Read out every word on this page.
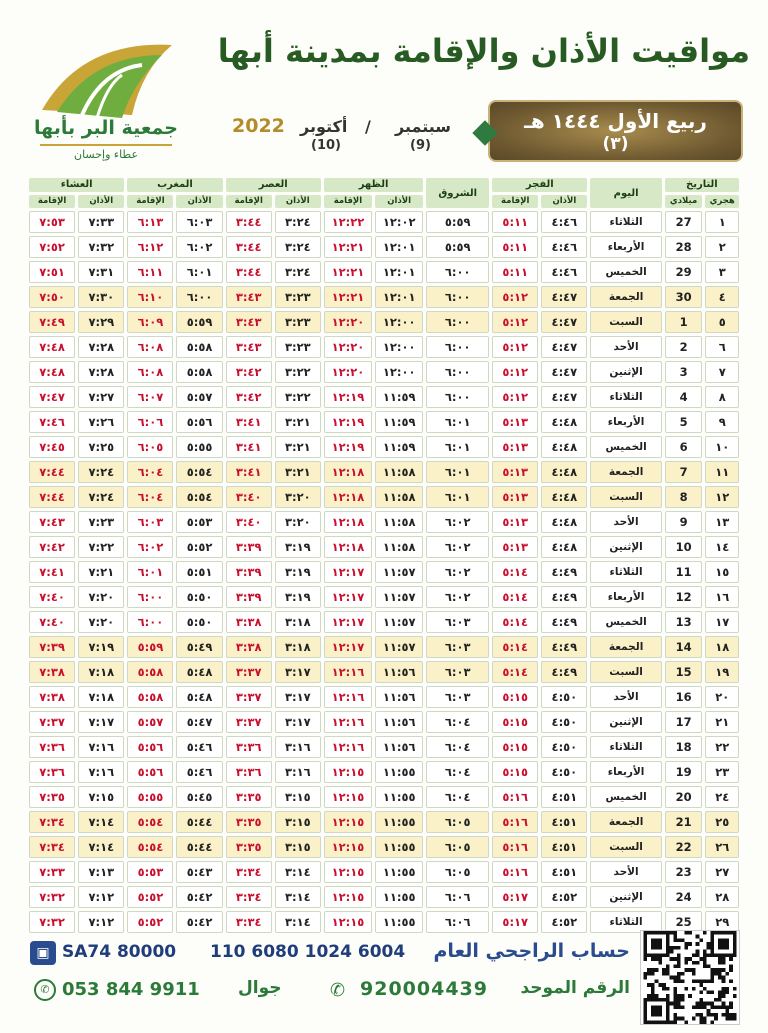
جمعية البر بأبها
عطاء وإحسان
مواقيت الأذان والإقامة بمدينة أبها
ربيع الأول ١٤٤٤ هـ
(٣)
2022 أكتوبر / سبتمبر
(10)	(9)
التاريخ		اليوم	الفجر		الشروق	الظهر		العصر		المغرب		العشاء	
هجري	ميلادي		الأذان	الإقامة		الأذان	الإقامة	الأذان	الإقامة	الأذان	الإقامة	الأذان	الإقامة
١	27	الثلاثاء	٤:٤٦	٥:١١	٥:٥٩	١٢:٠٢	١٢:٢٢	٣:٢٤	٣:٤٤	٦:٠٣	٦:١٣	٧:٣٣	٧:٥٣
٢	28	الأربعاء	٤:٤٦	٥:١١	٥:٥٩	١٢:٠١	١٢:٢١	٣:٢٤	٣:٤٤	٦:٠٢	٦:١٢	٧:٣٢	٧:٥٢
٣	29	الخميس	٤:٤٦	٥:١١	٦:٠٠	١٢:٠١	١٢:٢١	٣:٢٤	٣:٤٤	٦:٠١	٦:١١	٧:٣١	٧:٥١
٤	30	الجمعة	٤:٤٧	٥:١٢	٦:٠٠	١٢:٠١	١٢:٢١	٣:٢٣	٣:٤٣	٦:٠٠	٦:١٠	٧:٣٠	٧:٥٠
٥	1	السبت	٤:٤٧	٥:١٢	٦:٠٠	١٢:٠٠	١٢:٢٠	٣:٢٣	٣:٤٣	٥:٥٩	٦:٠٩	٧:٢٩	٧:٤٩
٦	2	الأحد	٤:٤٧	٥:١٢	٦:٠٠	١٢:٠٠	١٢:٢٠	٣:٢٣	٣:٤٣	٥:٥٨	٦:٠٨	٧:٢٨	٧:٤٨
٧	3	الإثنين	٤:٤٧	٥:١٢	٦:٠٠	١٢:٠٠	١٢:٢٠	٣:٢٢	٣:٤٢	٥:٥٨	٦:٠٨	٧:٢٨	٧:٤٨
٨	4	الثلاثاء	٤:٤٧	٥:١٢	٦:٠٠	١١:٥٩	١٢:١٩	٣:٢٢	٣:٤٢	٥:٥٧	٦:٠٧	٧:٢٧	٧:٤٧
٩	5	الأربعاء	٤:٤٨	٥:١٣	٦:٠١	١١:٥٩	١٢:١٩	٣:٢١	٣:٤١	٥:٥٦	٦:٠٦	٧:٢٦	٧:٤٦
١٠	6	الخميس	٤:٤٨	٥:١٣	٦:٠١	١١:٥٩	١٢:١٩	٣:٢١	٣:٤١	٥:٥٥	٦:٠٥	٧:٢٥	٧:٤٥
١١	7	الجمعة	٤:٤٨	٥:١٣	٦:٠١	١١:٥٨	١٢:١٨	٣:٢١	٣:٤١	٥:٥٤	٦:٠٤	٧:٢٤	٧:٤٤
١٢	8	السبت	٤:٤٨	٥:١٣	٦:٠١	١١:٥٨	١٢:١٨	٣:٢٠	٣:٤٠	٥:٥٤	٦:٠٤	٧:٢٤	٧:٤٤
١٣	9	الأحد	٤:٤٨	٥:١٣	٦:٠٢	١١:٥٨	١٢:١٨	٣:٢٠	٣:٤٠	٥:٥٣	٦:٠٣	٧:٢٣	٧:٤٣
١٤	10	الإثنين	٤:٤٨	٥:١٣	٦:٠٢	١١:٥٨	١٢:١٨	٣:١٩	٣:٣٩	٥:٥٢	٦:٠٢	٧:٢٢	٧:٤٢
١٥	11	الثلاثاء	٤:٤٩	٥:١٤	٦:٠٢	١١:٥٧	١٢:١٧	٣:١٩	٣:٣٩	٥:٥١	٦:٠١	٧:٢١	٧:٤١
١٦	12	الأربعاء	٤:٤٩	٥:١٤	٦:٠٢	١١:٥٧	١٢:١٧	٣:١٩	٣:٣٩	٥:٥٠	٦:٠٠	٧:٢٠	٧:٤٠
١٧	13	الخميس	٤:٤٩	٥:١٤	٦:٠٣	١١:٥٧	١٢:١٧	٣:١٨	٣:٣٨	٥:٥٠	٦:٠٠	٧:٢٠	٧:٤٠
١٨	14	الجمعة	٤:٤٩	٥:١٤	٦:٠٣	١١:٥٧	١٢:١٧	٣:١٨	٣:٣٨	٥:٤٩	٥:٥٩	٧:١٩	٧:٣٩
١٩	15	السبت	٤:٤٩	٥:١٤	٦:٠٣	١١:٥٦	١٢:١٦	٣:١٧	٣:٣٧	٥:٤٨	٥:٥٨	٧:١٨	٧:٣٨
٢٠	16	الأحد	٤:٥٠	٥:١٥	٦:٠٣	١١:٥٦	١٢:١٦	٣:١٧	٣:٣٧	٥:٤٨	٥:٥٨	٧:١٨	٧:٣٨
٢١	17	الإثنين	٤:٥٠	٥:١٥	٦:٠٤	١١:٥٦	١٢:١٦	٣:١٧	٣:٣٧	٥:٤٧	٥:٥٧	٧:١٧	٧:٣٧
٢٢	18	الثلاثاء	٤:٥٠	٥:١٥	٦:٠٤	١١:٥٦	١٢:١٦	٣:١٦	٣:٣٦	٥:٤٦	٥:٥٦	٧:١٦	٧:٣٦
٢٣	19	الأربعاء	٤:٥٠	٥:١٥	٦:٠٤	١١:٥٥	١٢:١٥	٣:١٦	٣:٣٦	٥:٤٦	٥:٥٦	٧:١٦	٧:٣٦
٢٤	20	الخميس	٤:٥١	٥:١٦	٦:٠٤	١١:٥٥	١٢:١٥	٣:١٥	٣:٣٥	٥:٤٥	٥:٥٥	٧:١٥	٧:٣٥
٢٥	21	الجمعة	٤:٥١	٥:١٦	٦:٠٥	١١:٥٥	١٢:١٥	٣:١٥	٣:٣٥	٥:٤٤	٥:٥٤	٧:١٤	٧:٣٤
٢٦	22	السبت	٤:٥١	٥:١٦	٦:٠٥	١١:٥٥	١٢:١٥	٣:١٥	٣:٣٥	٥:٤٤	٥:٥٤	٧:١٤	٧:٣٤
٢٧	23	الأحد	٤:٥١	٥:١٦	٦:٠٥	١١:٥٥	١٢:١٥	٣:١٤	٣:٣٤	٥:٤٣	٥:٥٣	٧:١٣	٧:٣٣
٢٨	24	الإثنين	٤:٥٢	٥:١٧	٦:٠٦	١١:٥٥	١٢:١٥	٣:١٤	٣:٣٤	٥:٤٢	٥:٥٢	٧:١٢	٧:٣٢
٢٩	25	الثلاثاء	٤:٥٢	٥:١٧	٦:٠٦	١١:٥٥	١٢:١٥	٣:١٤	٣:٣٤	٥:٤٢	٥:٥٢	٧:١٢	٧:٣٢
▣ SA74 80000 110 6080 1024 6004 حساب الراجحي العام
✆ 053 844 9911 جوال	✆ 920004439 الرقم الموحد
